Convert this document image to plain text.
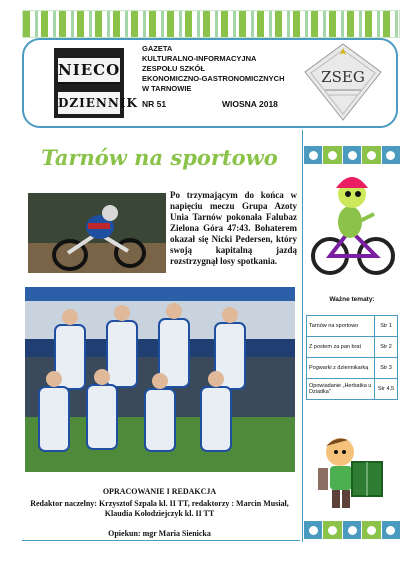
NIECO
DZIENNIK
GAZETA
KULTURALNO-INFORMACYJNA
ZESPOŁU SZKÓŁ
EKONOMICZNO-GASTRONOMICZNYCH
W TARNOWIE
NR 51	WIOSNA 2018
ZSEG
Tarnów na sportowo
Po trzymającym do końca w napięciu meczu Grupa Azoty Unia Tarnów pokonała Falubaz Zielona Góra 47:43. Bohaterem okazał się Nicki Pedersen, który swoją kapitalną jazdą rozstrzygnął losy spotkania.
OPRACOWANIE I REDAKCJA
Redaktor naczelny: Krzysztof Szpala kl. II TT, redaktorzy : Marcin Musiał, Klaudia Kołodziejczyk kl. II TT
Opiekun: mgr Maria Sienicka
Ważne tematy:
Tarnów na sportowo	Str 1
Z postem za pan brat	Str 2
Pogwarki z dziennikarką	Str 3
Opowiadanie „Herbatka u Dziadka"	Str 4,5
